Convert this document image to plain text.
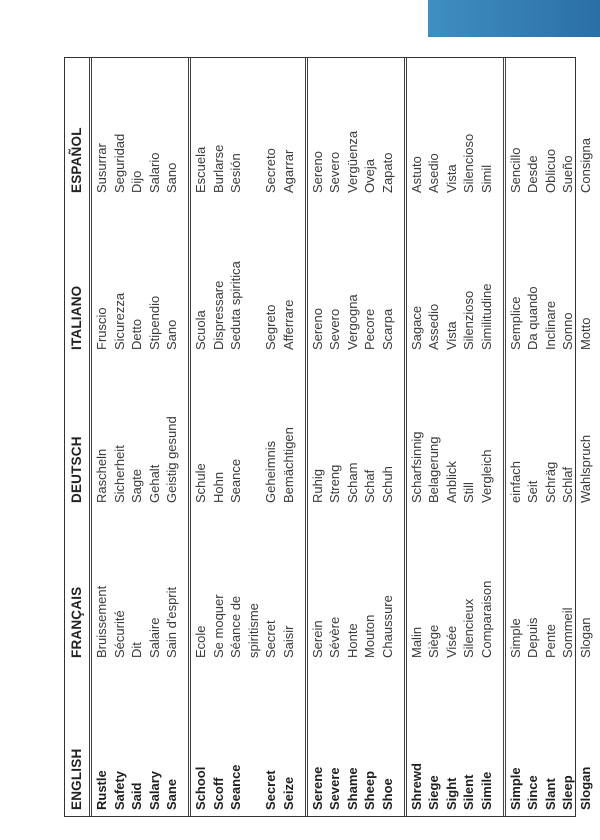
ENGLISH
FRANÇAIS
DEUTSCH
ITALIANO
ESPAÑOL
Rustle
Bruissement
Rascheln
Fruscio
Susurrar
Safety
Sécurité
Sicherheit
Sicurezza
Seguridad
Said
Dit
Sagte
Detto
Dijo
Salary
Salaire
Gehalt
Stipendio
Salario
Sane
Sain d'esprit
Geistig gesund
Sano
Sano
School
Ecole
Schule
Scuola
Escuela
Scoff
Se moquer
Hohn
Dispressare
Burlarse
Seance
Séance de
Seance
Seduta spiritica
Sesión
spiritisme
Secret
Secret
Geheimnis
Segreto
Secreto
Seize
Saisir
Bemächtigen
Afferrare
Agarrar
Serene
Serein
Ruhig
Sereno
Sereno
Severe
Sévère
Streng
Severo
Severo
Shame
Honte
Scham
Vergogna
Vergüenza
Sheep
Mouton
Schaf
Pecore
Oveja
Shoe
Chaussure
Schuh
Scarpa
Zapato
Shrewd
Malin
Scharfsinnig
Sagace
Astuto
Siege
Siège
Belagerung
Assedio
Asedio
Sight
Visée
Anblick
Vista
Vista
Silent
Silencieux
Still
Silenzioso
Silencioso
Simile
Comparaison
Vergleich
Similitudine
Simil
Simple
Simple
einfach
Semplice
Sencillo
Since
Depuis
Seit
Da quando
Desde
Slant
Pente
Schräg
Inclinare
Oblicuo
Sleep
Sommeil
Schlaf
Sonno
Sueño
Slogan
Slogan
Wahlspruch
Motto
Consigna
